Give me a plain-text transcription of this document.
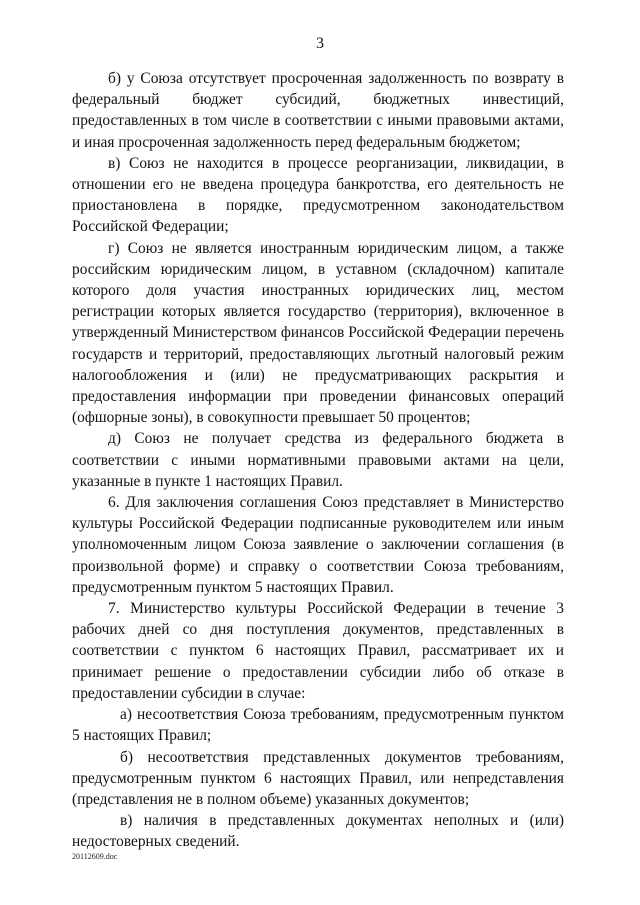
3

б) у Союза отсутствует просроченная задолженность по возврату в федеральный бюджет субсидий, бюджетных инвестиций, предоставленных в том числе в соответствии с иными правовыми актами, и иная просроченная задолженность перед федеральным бюджетом;

в) Союз не находится в процессе реорганизации, ликвидации, в отношении его не введена процедура банкротства, его деятельность не приостановлена в порядке, предусмотренном законодательством Российской Федерации;

г) Союз не является иностранным юридическим лицом, а также российским юридическим лицом, в уставном (складочном) капитале которого доля участия иностранных юридических лиц, местом регистрации которых является государство (территория), включенное в утвержденный Министерством финансов Российской Федерации перечень государств и территорий, предоставляющих льготный налоговый режим налогообложения и (или) не предусматривающих раскрытия и предоставления информации при проведении финансовых операций (офшорные зоны), в совокупности превышает 50 процентов;

д) Союз не получает средства из федерального бюджета в соответствии с иными нормативными правовыми актами на цели, указанные в пункте 1 настоящих Правил.

6. Для заключения соглашения Союз представляет в Министерство культуры Российской Федерации подписанные руководителем или иным уполномоченным лицом Союза заявление о заключении соглашения (в произвольной форме) и справку о соответствии Союза требованиям, предусмотренным пунктом 5 настоящих Правил.

7. Министерство культуры Российской Федерации в течение 3 рабочих дней со дня поступления документов, представленных в соответствии с пунктом 6 настоящих Правил, рассматривает их и принимает решение о предоставлении субсидии либо об отказе в предоставлении субсидии в случае:

а) несоответствия Союза требованиям, предусмотренным пунктом 5 настоящих Правил;

б) несоответствия представленных документов требованиям, предусмотренным пунктом 6 настоящих Правил, или непредставления (представления не в полном объеме) указанных документов;

в) наличия в представленных документах неполных и (или) недостоверных сведений.

20112609.doc
